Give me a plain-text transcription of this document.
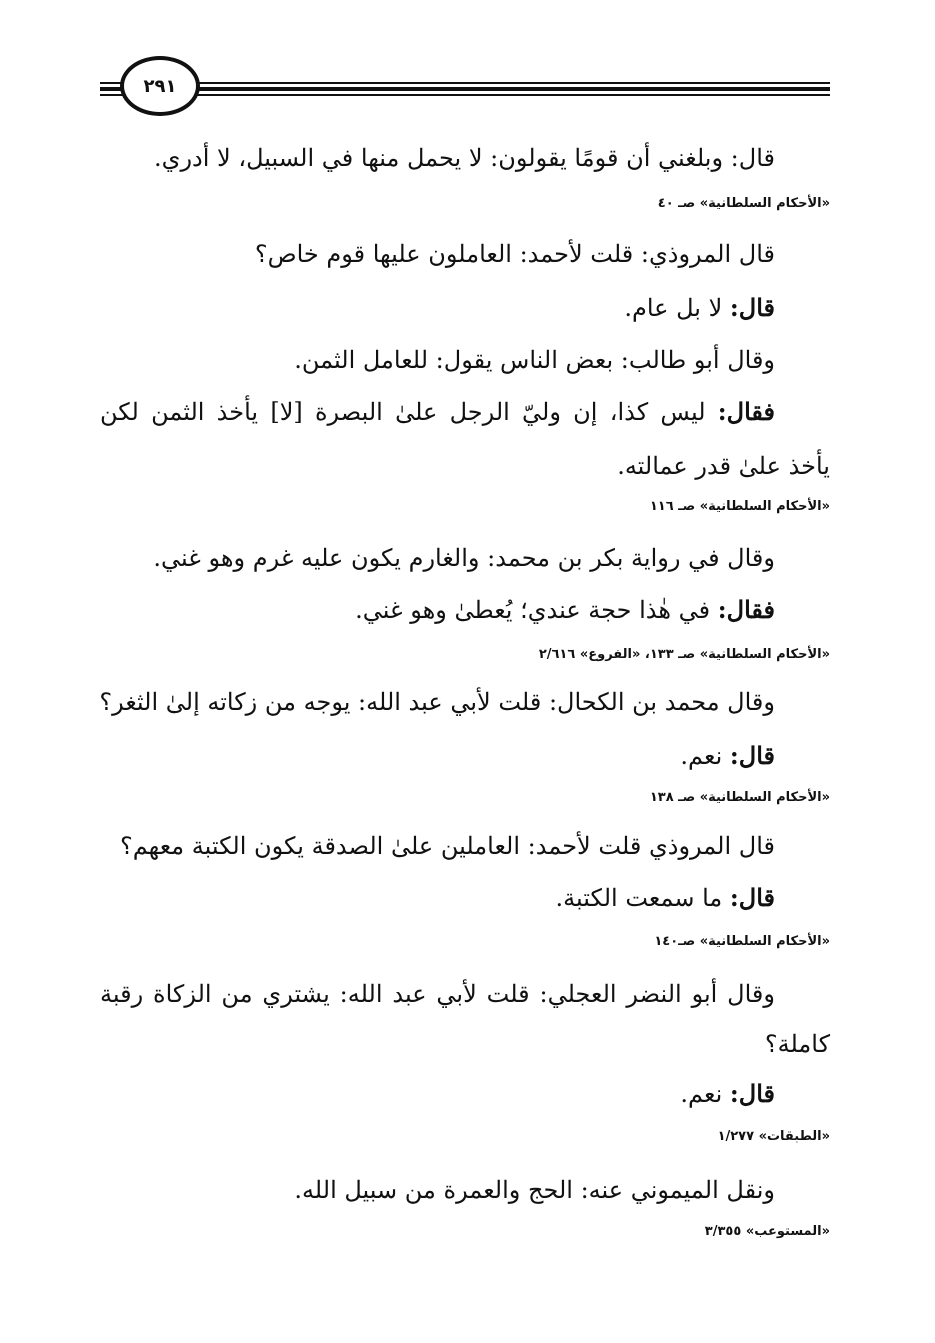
٢٩١
قال: وبلغني أن قومًا يقولون: لا يحمل منها في السبيل، لا أدري.
«الأحكام السلطانية» صـ ٤٠
قال المروذي: قلت لأحمد: العاملون عليها قوم خاص؟
قال: لا بل عام.
وقال أبو طالب: بعض الناس يقول: للعامل الثمن.
فقال: ليس كذا، إن وليّ الرجل علىٰ البصرة [لا] يأخذ الثمن لكن
يأخذ علىٰ قدر عمالته.
«الأحكام السلطانية» صـ ١١٦
وقال في رواية بكر بن محمد: والغارم يكون عليه غرم وهو غني.
فقال: في هٰذا حجة عندي؛ يُعطىٰ وهو غني.
«الأحكام السلطانية» صـ ١٣٣، «الفروع» ٢/٦١٦
وقال محمد بن الكحال: قلت لأبي عبد الله: يوجه من زكاته إلىٰ الثغر؟
قال: نعم.
«الأحكام السلطانية» صـ ١٣٨
قال المروذي قلت لأحمد: العاملين علىٰ الصدقة يكون الكتبة معهم؟
قال: ما سمعت الكتبة.
«الأحكام السلطانية» صـ١٤٠
وقال أبو النضر العجلي: قلت لأبي عبد الله: يشتري من الزكاة رقبة
كاملة؟
قال: نعم.
«الطبقات» ١/٢٧٧
ونقل الميموني عنه: الحج والعمرة من سبيل الله.
«المستوعب» ٣/٣٥٥
